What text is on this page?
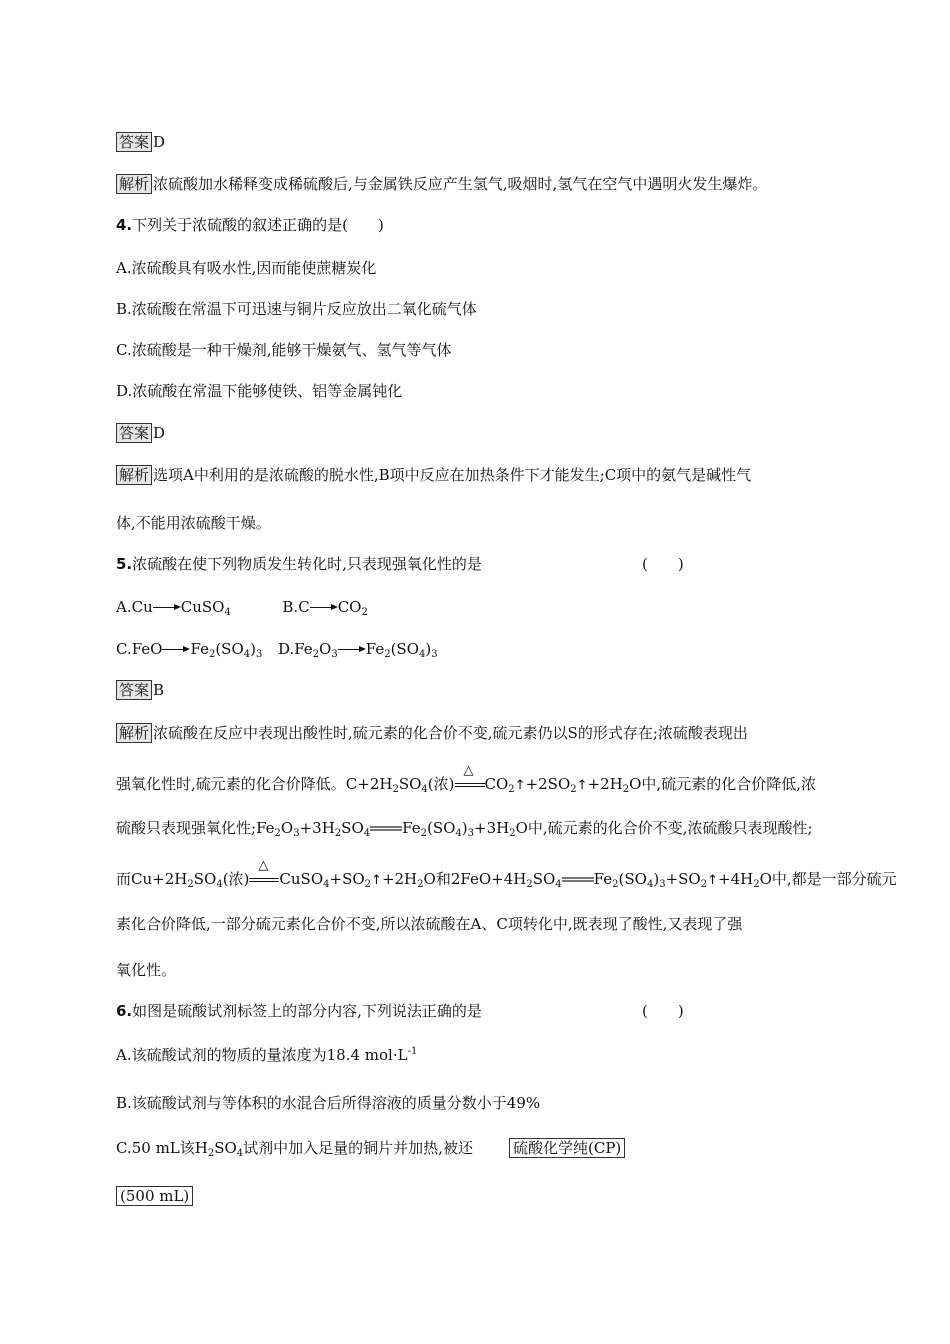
答案 D
解析 浓硫酸加水稀释变成稀硫酸后,与金属铁反应产生氢气,吸烟时,氢气在空气中遇明火发生爆炸。
4.下列关于浓硫酸的叙述正确的是(　　)
A.浓硫酸具有吸水性,因而能使蔗糖炭化
B.浓硫酸在常温下可迅速与铜片反应放出二氧化硫气体
C.浓硫酸是一种干燥剂,能够干燥氨气、氢气等气体
D.浓硫酸在常温下能够使铁、铝等金属钝化
答案 D
解析 选项A中利用的是浓硫酸的脱水性,B项中反应在加热条件下才能发生;C项中的氨气是碱性气
体,不能用浓硫酸干燥。
5.浓硫酸在使下列物质发生转化时,只表现强氧化性的是	(　　)
A.Cu CuSO$_4$	B.C $CO_2$
C.FeO $Fe_2(SO_4)_3$ $D.Fe_2O_3$ $Fe_2(SO_4)_3$
答案 B
解析 浓硫酸在反应中表现出酸性时,硫元素的化合价不变,硫元素仍以S的形式存在;浓硫酸表现出
强氧化性时,硫元素的化合价降低。$C+2H_2SO_4$(浓)
△
$CO_2↑+2SO_2↑+2H_2O$中,硫元素的化合价降低,浓
硫酸只表现强氧化性$;Fe_2O_3+3H_2SO_4$ $Fe_2(SO_4)_3+3H_2O$中,硫元素的化合价不变,浓硫酸只表现酸性;
而$Cu+2H_2SO_4$(浓)
△
$CuSO_4+SO_2↑+2H_2O$和$2FeO+4H_2SO_4$ $Fe_2(SO_4)_3+SO_2↑+4H_2O$中,都是一部分硫元
素化合价降低,一部分硫元素化合价不变,所以浓硫酸在A、C项转化中,既表现了酸性,又表现了强
氧化性。
6.如图是硫酸试剂标签上的部分内容,下列说法正确的是	(　　)
A.该硫酸试剂的物质的量浓度为18.4 $mol\cdot L^{-1}$
B.该硫酸试剂与等体积的水混合后所得溶液的质量分数小于49%
C.50 mL该$H_2SO_4$试剂中加入足量的铜片并加热,被还	硫酸化学纯(CP)
(500 mL)
